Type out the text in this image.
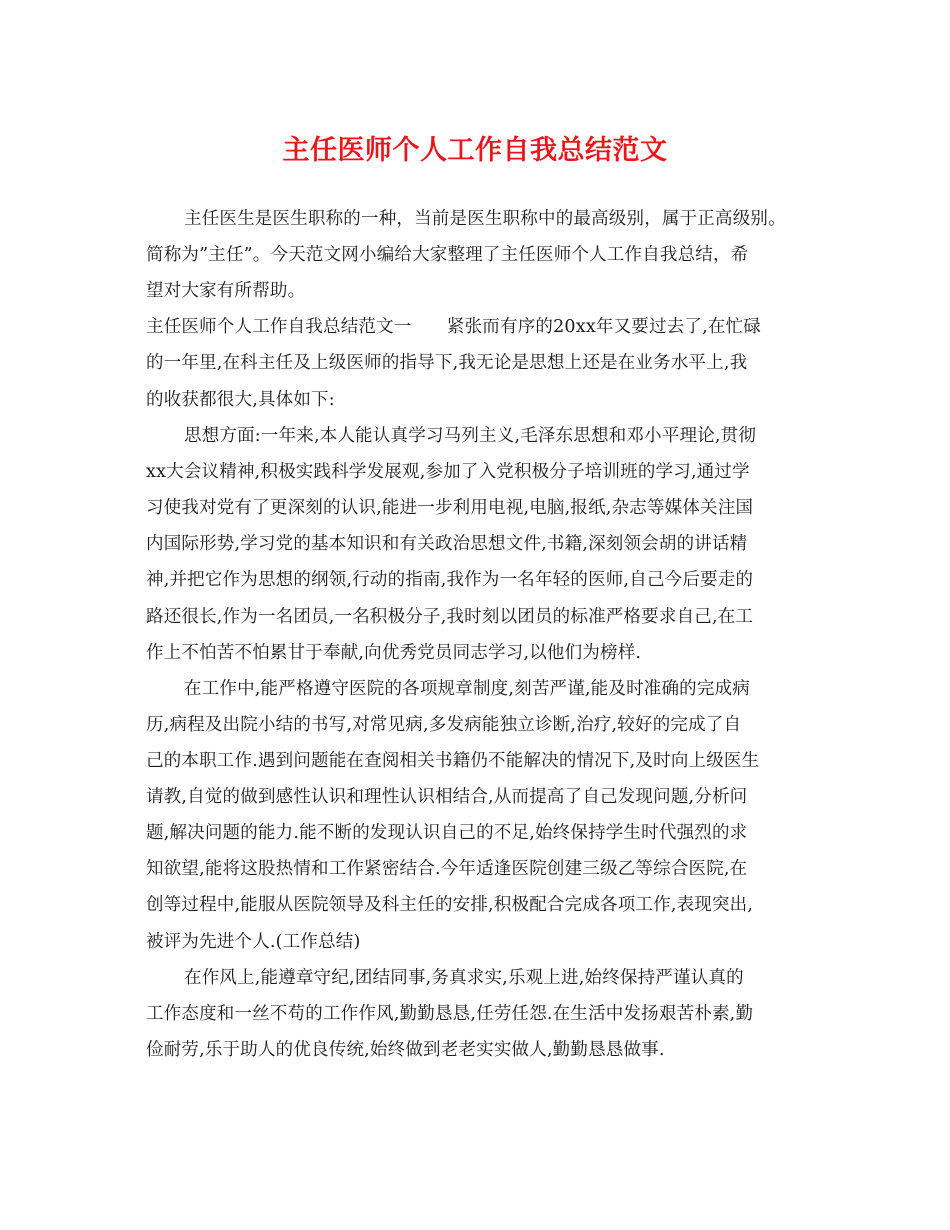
主任医师个人工作自我总结范文
主任医生是医生职称的一种，当前是医生职称中的最高级别，属于正高级别。
简称为”主任”。今天范文网小编给大家整理了主任医师个人工作自我总结，希
望对大家有所帮助。
主任医师个人工作自我总结范文一　　紧张而有序的20xx年又要过去了,在忙碌
的一年里,在科主任及上级医师的指导下,我无论是思想上还是在业务水平上,我
的收获都很大,具体如下:
思想方面:一年来,本人能认真学习马列主义,毛泽东思想和邓小平理论,贯彻
xx大会议精神,积极实践科学发展观,参加了入党积极分子培训班的学习,通过学
习使我对党有了更深刻的认识,能进一步利用电视,电脑,报纸,杂志等媒体关注国
内国际形势,学习党的基本知识和有关政治思想文件,书籍,深刻领会胡的讲话精
神,并把它作为思想的纲领,行动的指南,我作为一名年轻的医师,自己今后要走的
路还很长,作为一名团员,一名积极分子,我时刻以团员的标准严格要求自己,在工
作上不怕苦不怕累甘于奉献,向优秀党员同志学习,以他们为榜样.
在工作中,能严格遵守医院的各项规章制度,刻苦严谨,能及时准确的完成病
历,病程及出院小结的书写,对常见病,多发病能独立诊断,治疗,较好的完成了自
己的本职工作.遇到问题能在查阅相关书籍仍不能解决的情况下,及时向上级医生
请教,自觉的做到感性认识和理性认识相结合,从而提高了自己发现问题,分析问
题,解决问题的能力.能不断的发现认识自己的不足,始终保持学生时代强烈的求
知欲望,能将这股热情和工作紧密结合.今年适逢医院创建三级乙等综合医院,在
创等过程中,能服从医院领导及科主任的安排,积极配合完成各项工作,表现突出,
被评为先进个人.(工作总结)
在作风上,能遵章守纪,团结同事,务真求实,乐观上进,始终保持严谨认真的
工作态度和一丝不苟的工作作风,勤勤恳恳,任劳任怨.在生活中发扬艰苦朴素,勤
俭耐劳,乐于助人的优良传统,始终做到老老实实做人,勤勤恳恳做事.
